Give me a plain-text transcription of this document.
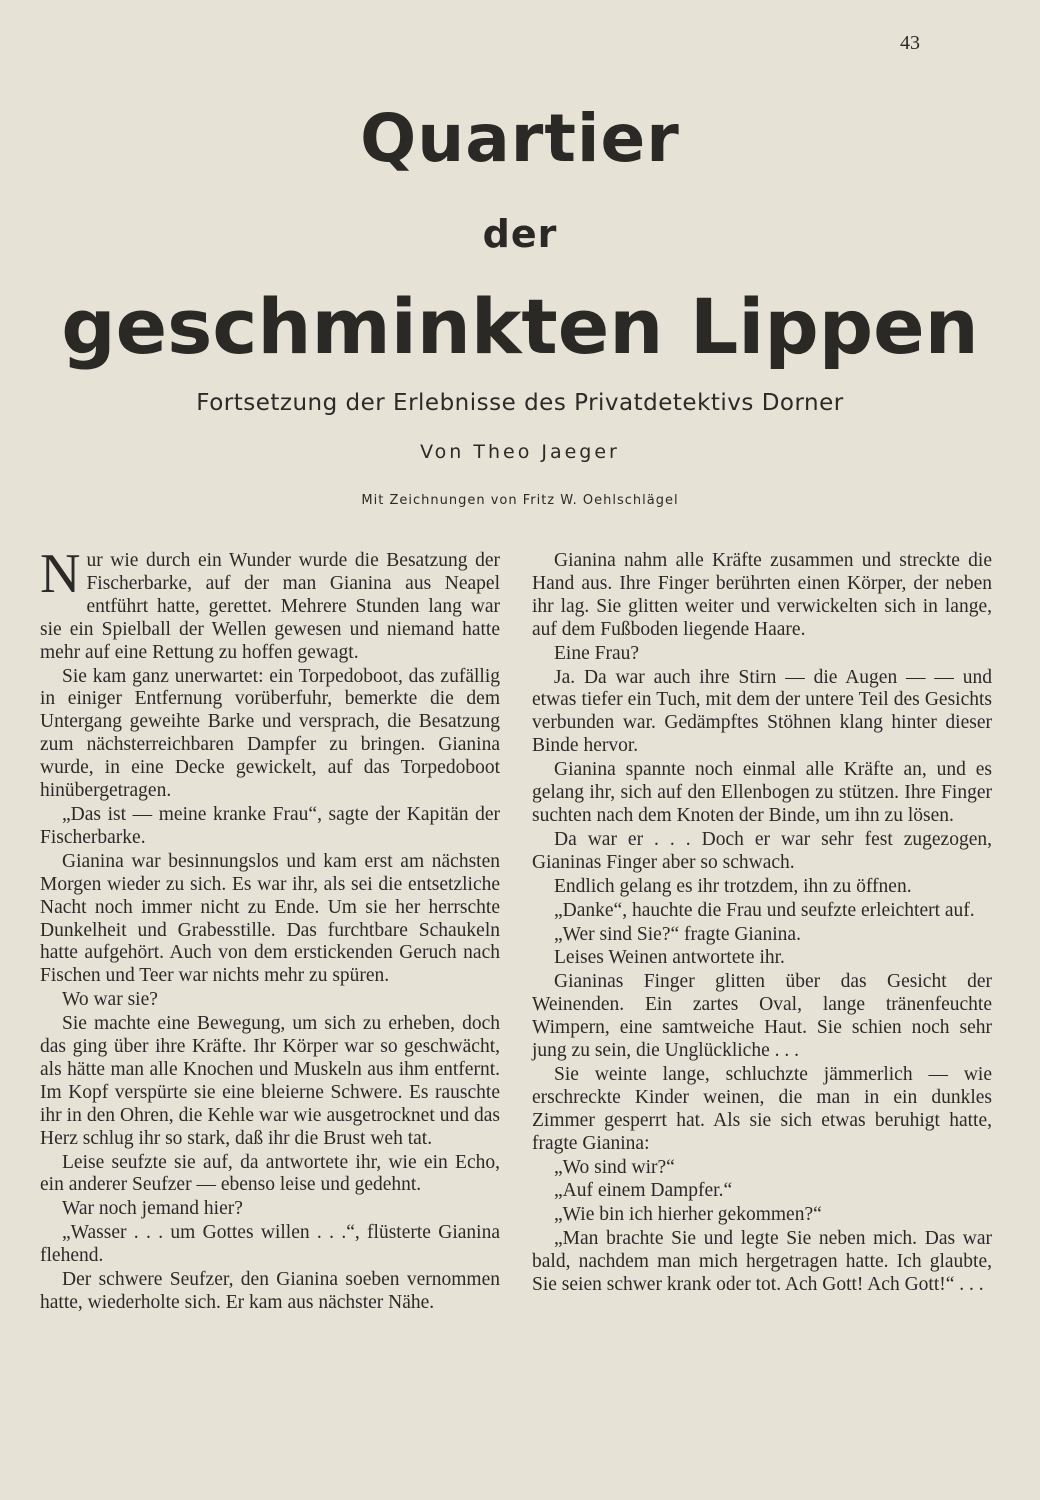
43
Quartier
der
geschminkten Lippen
Fortsetzung der Erlebnisse des Privatdetektivs Dorner
Von Theo Jaeger
Mit Zeichnungen von Fritz W. Oehlschlägel

Nur wie durch ein Wunder wurde die Besatzung der Fischerbarke, auf der man Gianina aus Neapel entführt hatte, gerettet. Mehrere Stunden lang war sie ein Spielball der Wellen gewesen und niemand hatte mehr auf eine Rettung zu hoffen gewagt.

Sie kam ganz unerwartet: ein Torpedoboot, das zufällig in einiger Entfernung vorüberfuhr, bemerkte die dem Untergang geweihte Barke und versprach, die Besatzung zum nächsterreichbaren Dampfer zu bringen. Gianina wurde, in eine Decke gewickelt, auf das Torpedoboot hinübergetragen.

„Das ist — meine kranke Frau“, sagte der Kapitän der Fischerbarke.

Gianina war besinnungslos und kam erst am nächsten Morgen wieder zu sich. Es war ihr, als sei die entsetzliche Nacht noch immer nicht zu Ende. Um sie her herrschte Dunkelheit und Grabesstille. Das furchtbare Schaukeln hatte aufgehört. Auch von dem erstickenden Geruch nach Fischen und Teer war nichts mehr zu spüren.

Wo war sie?

Sie machte eine Bewegung, um sich zu erheben, doch das ging über ihre Kräfte. Ihr Körper war so geschwächt, als hätte man alle Knochen und Muskeln aus ihm entfernt. Im Kopf verspürte sie eine bleierne Schwere. Es rauschte ihr in den Ohren, die Kehle war wie ausgetrocknet und das Herz schlug ihr so stark, daß ihr die Brust weh tat.

Leise seufzte sie auf, da antwortete ihr, wie ein Echo, ein anderer Seufzer — ebenso leise und gedehnt.

War noch jemand hier?

„Wasser . . . um Gottes willen . . .“, flüsterte Gianina flehend.

Der schwere Seufzer, den Gianina soeben vernommen hatte, wiederholte sich. Er kam aus nächster Nähe.

Gianina nahm alle Kräfte zusammen und streckte die Hand aus. Ihre Finger berührten einen Körper, der neben ihr lag. Sie glitten weiter und verwickelten sich in lange, auf dem Fußboden liegende Haare.

Eine Frau?

Ja. Da war auch ihre Stirn — die Augen — — und etwas tiefer ein Tuch, mit dem der untere Teil des Gesichts verbunden war. Gedämpftes Stöhnen klang hinter dieser Binde hervor.

Gianina spannte noch einmal alle Kräfte an, und es gelang ihr, sich auf den Ellenbogen zu stützen. Ihre Finger suchten nach dem Knoten der Binde, um ihn zu lösen.

Da war er . . . Doch er war sehr fest zugezogen, Gianinas Finger aber so schwach.

Endlich gelang es ihr trotzdem, ihn zu öffnen.

„Danke“, hauchte die Frau und seufzte erleichtert auf.

„Wer sind Sie?“ fragte Gianina.

Leises Weinen antwortete ihr.

Gianinas Finger glitten über das Gesicht der Weinenden. Ein zartes Oval, lange tränenfeuchte Wimpern, eine samtweiche Haut. Sie schien noch sehr jung zu sein, die Unglückliche . . .

Sie weinte lange, schluchzte jämmerlich — wie erschreckte Kinder weinen, die man in ein dunkles Zimmer gesperrt hat. Als sie sich etwas beruhigt hatte, fragte Gianina:

„Wo sind wir?“

„Auf einem Dampfer.“

„Wie bin ich hierher gekommen?“

„Man brachte Sie und legte Sie neben mich. Das war bald, nachdem man mich hergetragen hatte. Ich glaubte, Sie seien schwer krank oder tot. Ach Gott! Ach Gott!“ . . .
